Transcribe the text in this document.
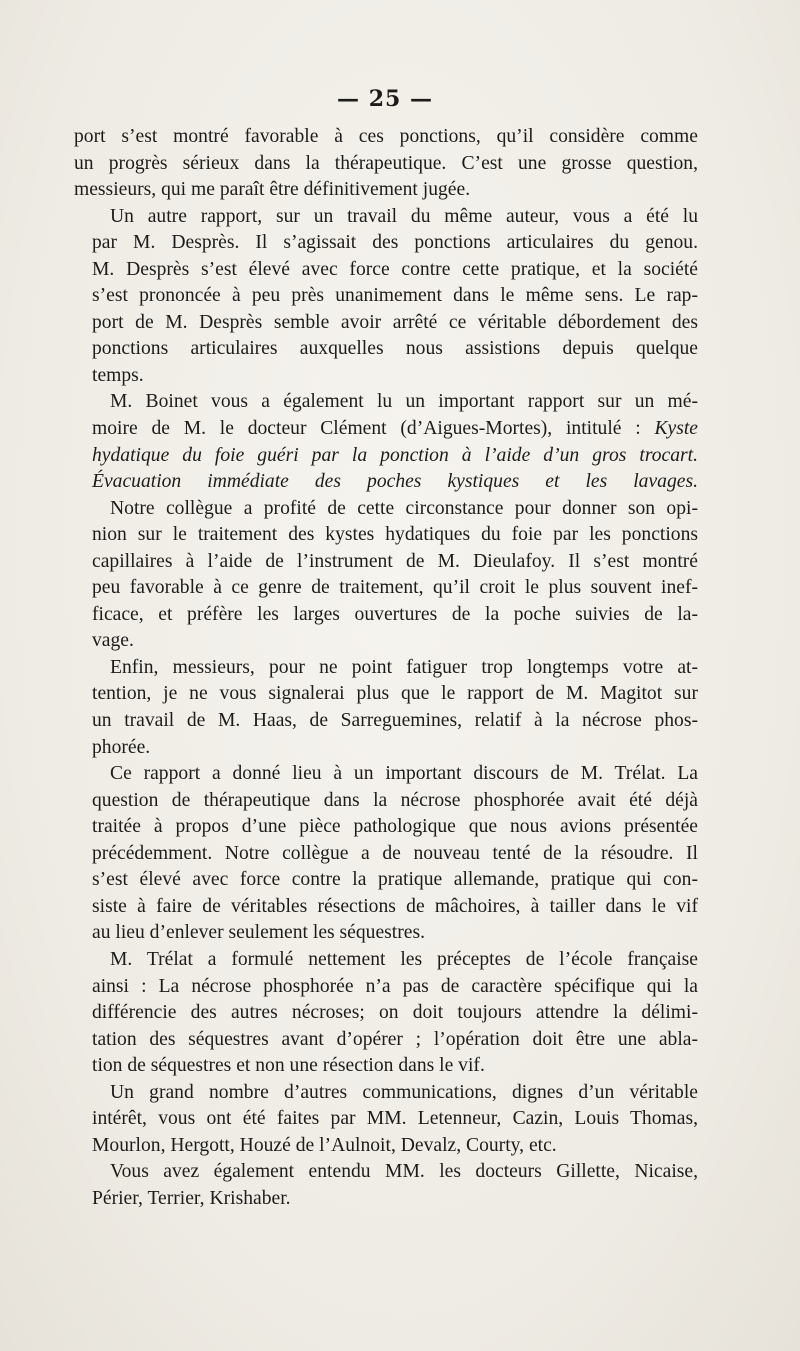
— 25 —
port s’est montré favorable à ces ponctions, qu’il considère comme
un progrès sérieux dans la thérapeutique. C’est une grosse question,
messieurs, qui me paraît être définitivement jugée.
Un autre rapport, sur un travail du même auteur, vous a été lu
par M. Desprès. Il s’agissait des ponctions articulaires du genou.
M. Desprès s’est élevé avec force contre cette pratique, et la société
s’est prononcée à peu près unanimement dans le même sens. Le rap-
port de M. Desprès semble avoir arrêté ce véritable débordement des
ponctions articulaires auxquelles nous assistions depuis quelque
temps.
M. Boinet vous a également lu un important rapport sur un mé-
moire de M. le docteur Clément (d’Aigues-Mortes), intitulé : Kyste
hydatique du foie guéri par la ponction à l’aide d’un gros trocart.
Évacuation immédiate des poches kystiques et les lavages.
Notre collègue a profité de cette circonstance pour donner son opi-
nion sur le traitement des kystes hydatiques du foie par les ponctions
capillaires à l’aide de l’instrument de M. Dieulafoy. Il s’est montré
peu favorable à ce genre de traitement, qu’il croit le plus souvent inef-
ficace, et préfère les larges ouvertures de la poche suivies de la-
vage.
Enfin, messieurs, pour ne point fatiguer trop longtemps votre at-
tention, je ne vous signalerai plus que le rapport de M. Magitot sur
un travail de M. Haas, de Sarreguemines, relatif à la nécrose phos-
phorée.
Ce rapport a donné lieu à un important discours de M. Trélat. La
question de thérapeutique dans la nécrose phosphorée avait été déjà
traitée à propos d’une pièce pathologique que nous avions présentée
précédemment. Notre collègue a de nouveau tenté de la résoudre. Il
s’est élevé avec force contre la pratique allemande, pratique qui con-
siste à faire de véritables résections de mâchoires, à tailler dans le vif
au lieu d’enlever seulement les séquestres.
M. Trélat a formulé nettement les préceptes de l’école française
ainsi : La nécrose phosphorée n’a pas de caractère spécifique qui la
différencie des autres nécroses; on doit toujours attendre la délimi-
tation des séquestres avant d’opérer ; l’opération doit être une abla-
tion de séquestres et non une résection dans le vif.
Un grand nombre d’autres communications, dignes d’un véritable
intérêt, vous ont été faites par MM. Letenneur, Cazin, Louis Thomas,
Mourlon, Hergott, Houzé de l’Aulnoit, Devalz, Courty, etc.
Vous avez également entendu MM. les docteurs Gillette, Nicaise,
Périer, Terrier, Krishaber.
